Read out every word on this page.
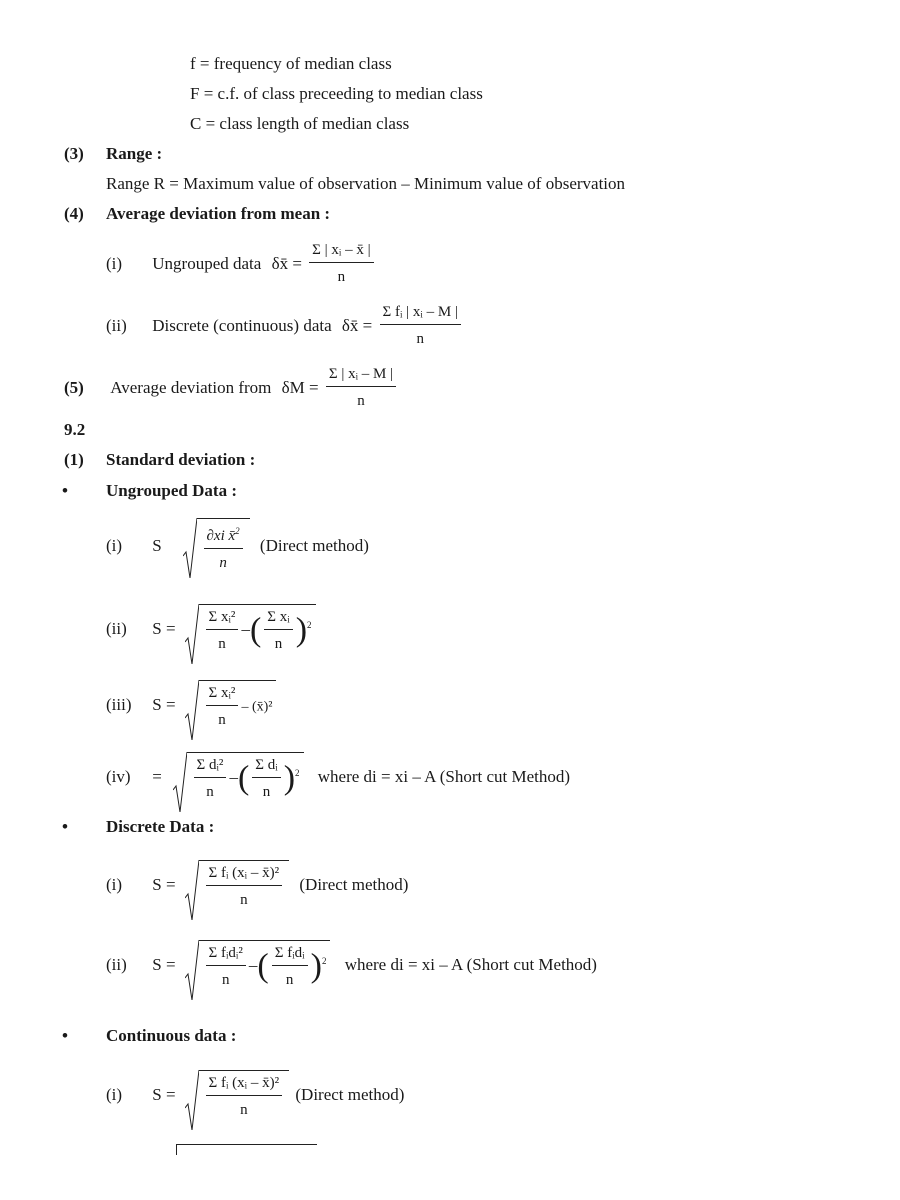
f = frequency of median class
F = c.f. of class preceeding to median class
C = class length of median class
(3) Range :
Range R = Maximum value of observation – Minimum value of observation
(4) Average deviation from mean :
(i) Ungrouped data δx̄ = $\frac{\text{Σ | xᵢ – x̄ |}}{n}$
(ii) Discrete (continuous) data δx̄ = $\frac{\text{Σ fᵢ | xᵢ – M |}}{n}$
(5) Average deviation from $\delta M = \frac{\text{Σ | xᵢ – M |}}{n}$
9.2
(1) Standard deviation :
• Ungrouped Data :
(i) S	$\frac{\partial xi x̄^2}{n}$ (Direct method)
(ii) $S = \frac{\text{Σ xᵢ²}}{n}$ –( $\frac{\text{Σ xᵢ}}{n} )^2$
(iii) $S = \frac{\text{Σ xᵢ²}}{n}$ – (x̄)²
$(iv) = \frac{\text{Σ dᵢ²}}{n}$ –( $\frac{\text{Σ dᵢ}}{n} )^2$ where di = xi – A (Short cut Method)
• Discrete Data :
(i) $S = \frac{\text{Σ fᵢ (xᵢ – x̄)²}}{n}$ (Direct method)
(ii) $S = \frac{\text{Σ fᵢdᵢ²}}{n}$ –( $\frac{\text{Σ fᵢdᵢ}}{n} )^2$ where di = xi – A (Short cut Method)
• Continuous data :
(i) $S = \frac{\text{Σ fᵢ (xᵢ – x̄)²}}{n}$ (Direct method)
